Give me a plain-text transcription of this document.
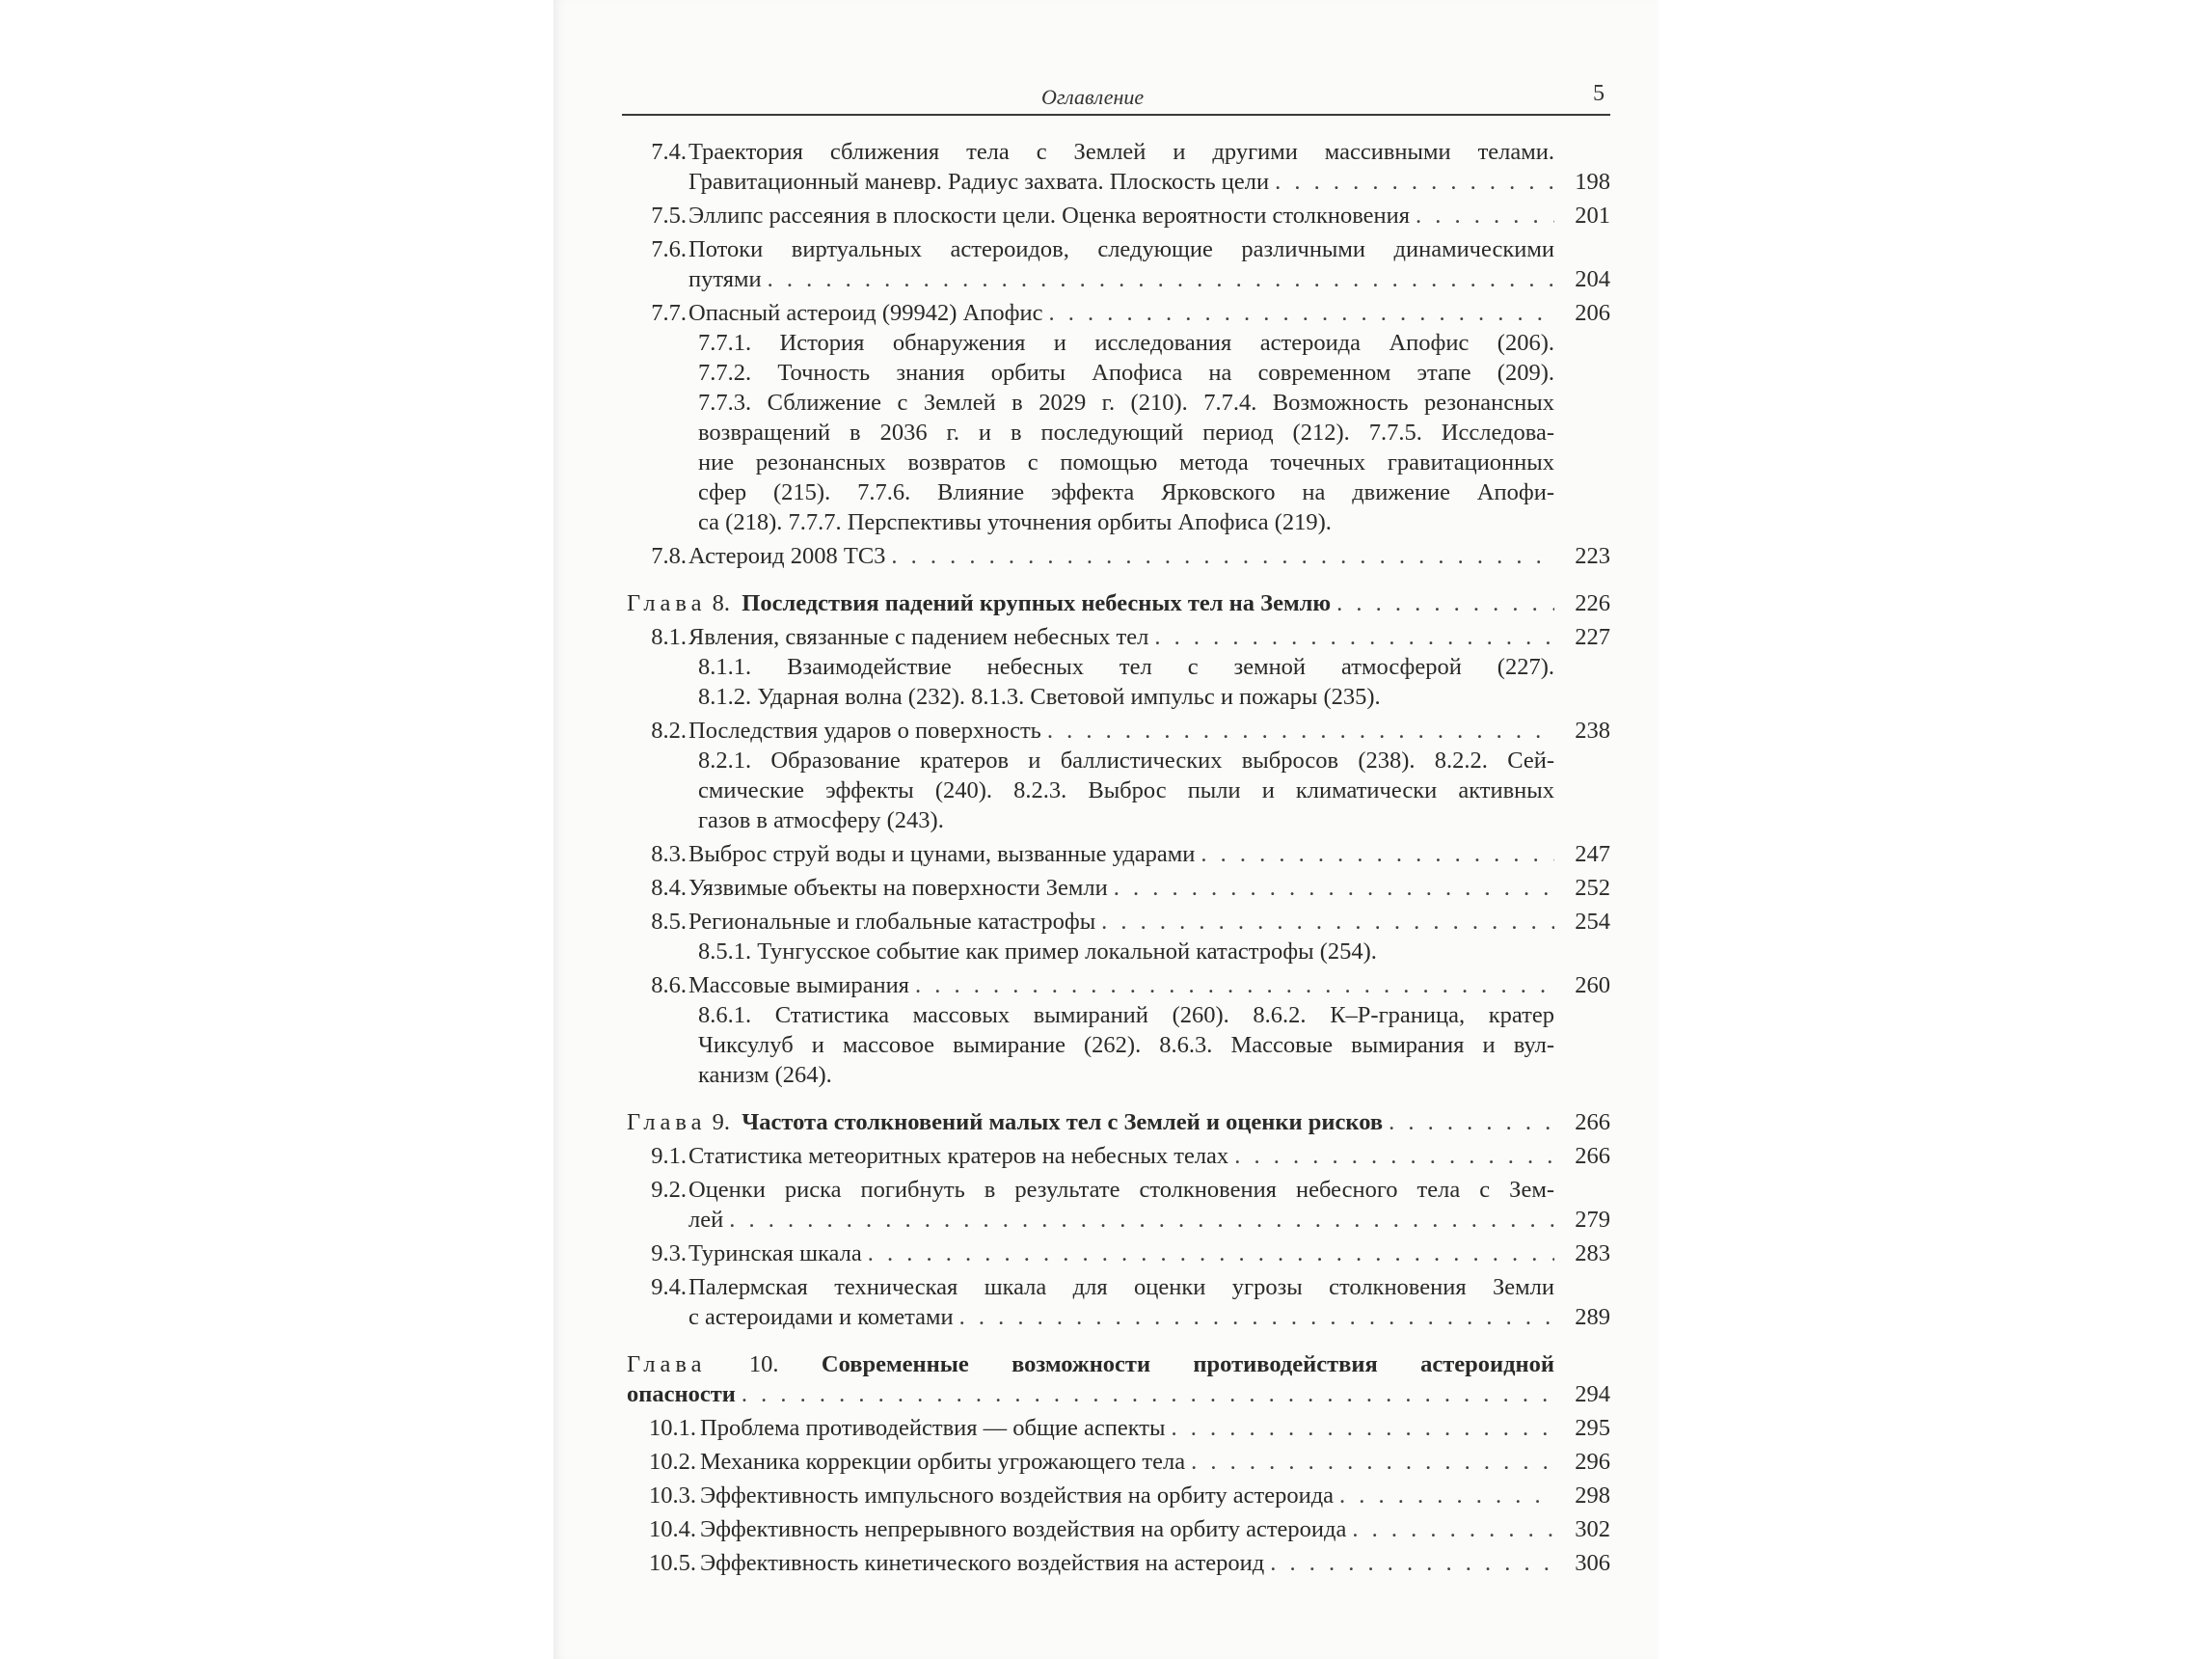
Оглавление	5
7.4. Траектория сближения тела с Землей и другими массивными телами.
Гравитационный маневр. Радиус захвата. Плоскость цели . . .	198
7.5. Эллипс рассеяния в плоскости цели. Оценка вероятности столкновения . . .	201
7.6. Потоки виртуальных астероидов, следующие различными динамическими
путями . . .	204
7.7. Опасный астероид (99942) Апофис . . .	206
7.7.1. История обнаружения и исследования астероида Апофис (206).
7.7.2. Точность знания орбиты Апофиса на современном этапе (209).
7.7.3. Сближение с Землей в 2029 г. (210). 7.7.4. Возможность резонансных
возвращений в 2036 г. и в последующий период (212). 7.7.5. Исследова-
ние резонансных возвратов с помощью метода точечных гравитационных
сфер (215). 7.7.6. Влияние эффекта Ярковского на движение Апофи-
са (218). 7.7.7. Перспективы уточнения орбиты Апофиса (219).
7.8. Астероид 2008 TC3 . . .	223
Глава 8. Последствия падений крупных небесных тел на Землю . . .	226
8.1. Явления, связанные с падением небесных тел . . .	227
8.1.1. Взаимодействие небесных тел с земной атмосферой (227).
8.1.2. Ударная волна (232). 8.1.3. Световой импульс и пожары (235).
8.2. Последствия ударов о поверхность . . .	238
8.2.1. Образование кратеров и баллистических выбросов (238). 8.2.2. Сей-
смические эффекты (240). 8.2.3. Выброс пыли и климатически активных
газов в атмосферу (243).
8.3. Выброс струй воды и цунами, вызванные ударами . . .	247
8.4. Уязвимые объекты на поверхности Земли . . .	252
8.5. Региональные и глобальные катастрофы . . .	254
8.5.1. Тунгусское событие как пример локальной катастрофы (254).
8.6. Массовые вымирания . . .	260
8.6.1. Статистика массовых вымираний (260). 8.6.2. К–Р-граница, кратер
Чиксулуб и массовое вымирание (262). 8.6.3. Массовые вымирания и вул-
канизм (264).
Глава 9. Частота столкновений малых тел с Землей и оценки рисков . . .	266
9.1. Статистика метеоритных кратеров на небесных телах . . .	266
9.2. Оценки риска погибнуть в результате столкновения небесного тела с Зем-
лей . . .	279
9.3. Туринская шкала . . .	283
9.4. Палермская техническая шкала для оценки угрозы столкновения Земли
с астероидами и кометами . . .	289
Глава 10. Современные возможности противодействия астероидной
опасности . . .	294
10.1. Проблема противодействия — общие аспекты . . .	295
10.2. Механика коррекции орбиты угрожающего тела . . .	296
10.3. Эффективность импульсного воздействия на орбиту астероида . . .	298
10.4. Эффективность непрерывного воздействия на орбиту астероида . . .	302
10.5. Эффективность кинетического воздействия на астероид . . .	306
